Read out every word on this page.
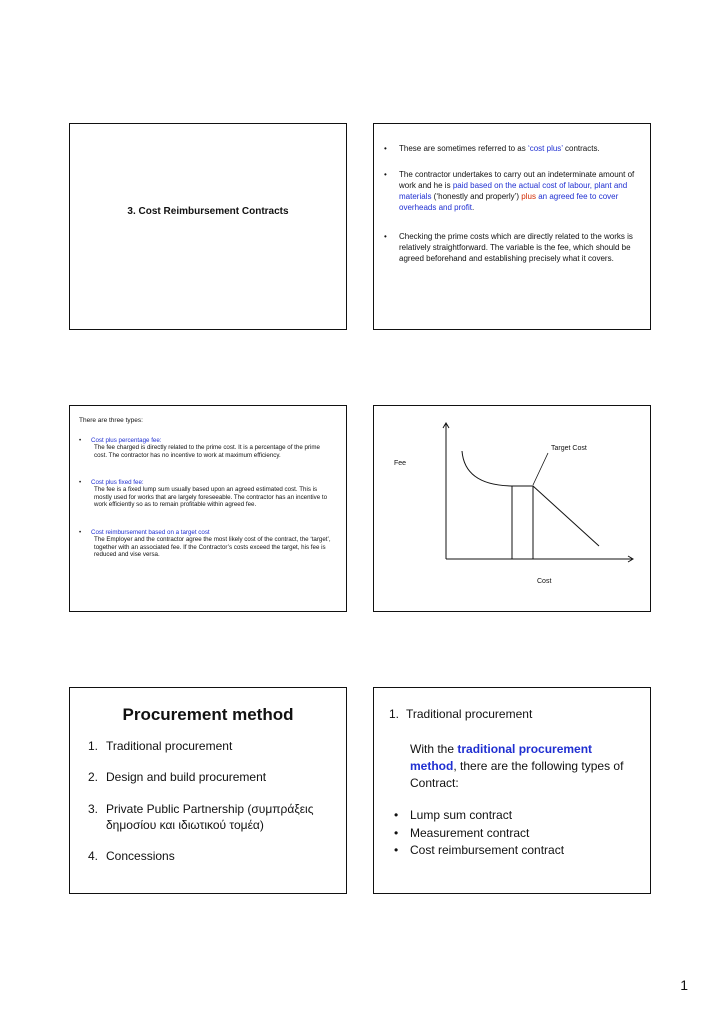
3. Cost Reimbursement Contracts
• These are sometimes referred to as ‘cost plus’ contracts.
• The contractor undertakes to carry out an indeterminate amount of work and he is paid based on the actual cost of labour, plant and materials (‘honestly and properly’) plus an agreed fee to cover overheads and profit.
• Checking the prime costs which are directly related to the works is relatively straightforward. The variable is the fee, which should be agreed beforehand and establishing precisely what it covers.
There are three types:
• Cost plus percentage fee:
The fee charged is directly related to the prime cost. It is a percentage of the prime cost. The contractor has no incentive to work at maximum efficiency.
• Cost plus fixed fee:
The fee is a fixed lump sum usually based upon an agreed estimated cost. This is mostly used for works that are largely foreseeable. The contractor has an incentive to work efficiently so as to remain profitable within agreed fee.
• Cost reimbursement based on a target cost
The Employer and the contractor agree the most likely cost of the contract, the ‘target’, together with an associated fee. If the Contractor’s costs exceed the target, his fee is reduced and vise versa.
Target Cost
Fee
Cost
Procurement method
1. Traditional procurement
2. Design and build procurement
3. Private Public Partnership (συμπράξεις δημοσίου και ιδιωτικού τομέα)
4. Concessions
1. Traditional procurement
With the traditional procurement method, there are the following types of Contract:
• Lump sum contract
• Measurement contract
• Cost reimbursement contract
1
